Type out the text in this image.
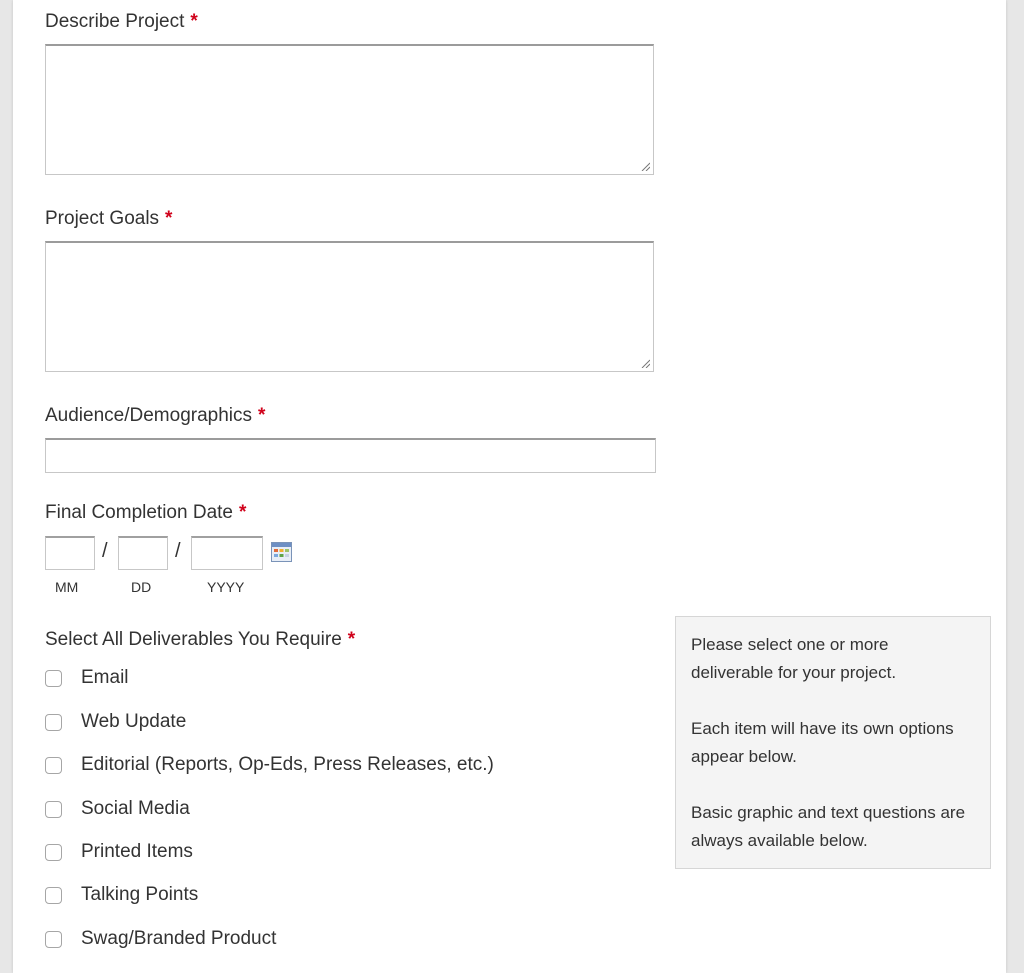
Describe Project *
Project Goals *
Audience/Demographics *
Final Completion Date *
/	/
MM	DD	YYYY
Select All Deliverables You Require *
Email
Web Update
Editorial (Reports, Op-Eds, Press Releases, etc.)
Social Media
Printed Items
Talking Points
Swag/Branded Product

Please select one or more deliverable for your project.

Each item will have its own options appear below.

Basic graphic and text questions are always available below.
